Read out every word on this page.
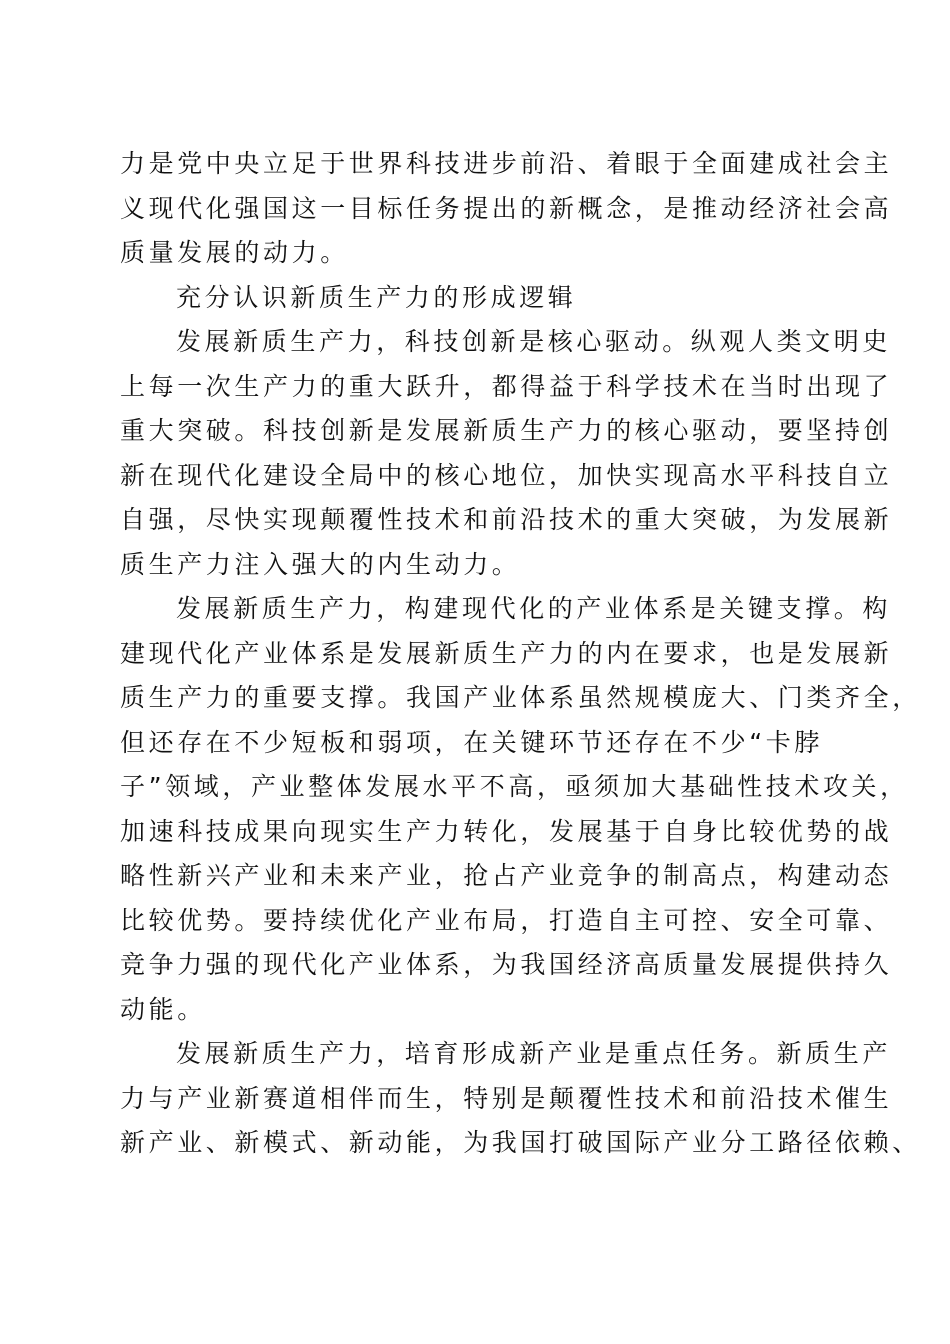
力是党中央立足于世界科技进步前沿、着眼于全面建成社会主
义现代化强国这一目标任务提出的新概念，是推动经济社会高
质量发展的动力。
充分认识新质生产力的形成逻辑
发展新质生产力，科技创新是核心驱动。纵观人类文明史
上每一次生产力的重大跃升，都得益于科学技术在当时出现了
重大突破。科技创新是发展新质生产力的核心驱动，要坚持创
新在现代化建设全局中的核心地位，加快实现高水平科技自立
自强，尽快实现颠覆性技术和前沿技术的重大突破，为发展新
质生产力注入强大的内生动力。
发展新质生产力，构建现代化的产业体系是关键支撑。构
建现代化产业体系是发展新质生产力的内在要求，也是发展新
质生产力的重要支撑。我国产业体系虽然规模庞大、门类齐全，
但还存在不少短板和弱项，在关键环节还存在不少“卡脖
子”领域，产业整体发展水平不高，亟须加大基础性技术攻关，
加速科技成果向现实生产力转化，发展基于自身比较优势的战
略性新兴产业和未来产业，抢占产业竞争的制高点，构建动态
比较优势。要持续优化产业布局，打造自主可控、安全可靠、
竞争力强的现代化产业体系，为我国经济高质量发展提供持久
动能。
发展新质生产力，培育形成新产业是重点任务。新质生产
力与产业新赛道相伴而生，特别是颠覆性技术和前沿技术催生
新产业、新模式、新动能，为我国打破国际产业分工路径依赖、
